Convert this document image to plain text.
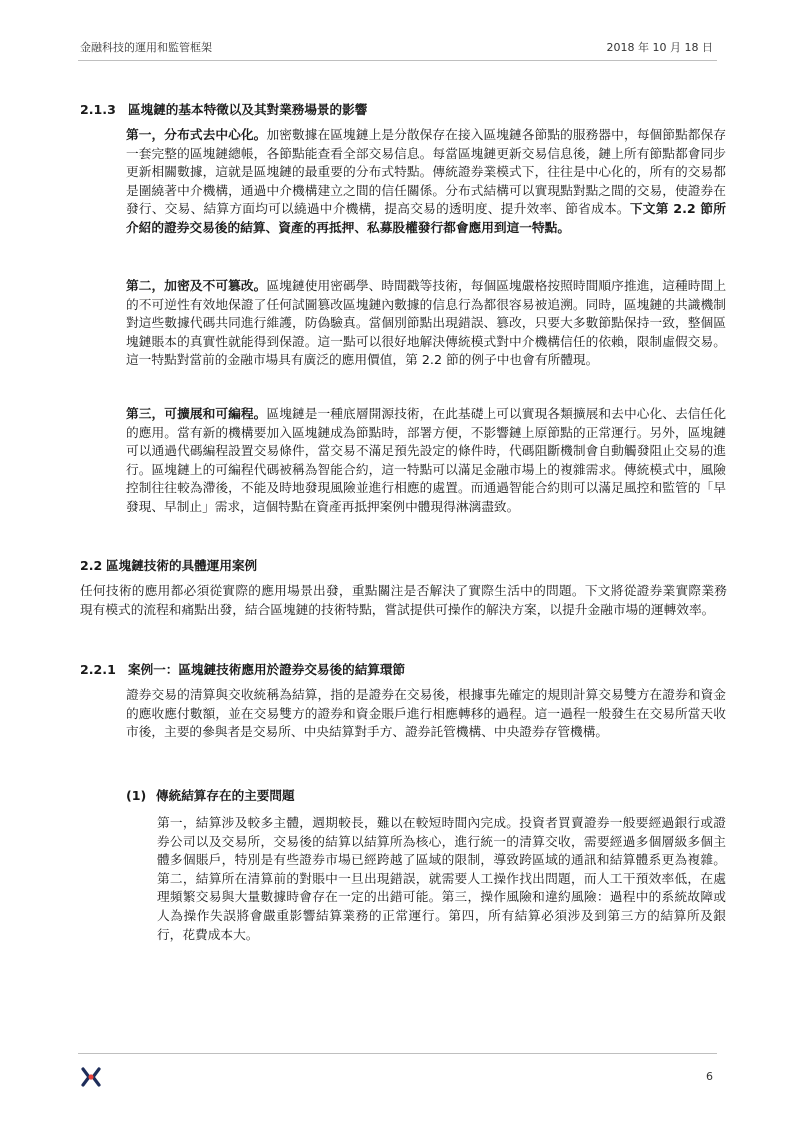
金融科技的運用和監管框架	2018 年 10 月 18 日
2.1.3 區塊鏈的基本特徵以及其對業務場景的影響

第一，分布式去中心化。加密數據在區塊鏈上是分散保存在接入區塊鏈各節點的服務器中，每個節點都保存一套完整的區塊鏈總帳，各節點能查看全部交易信息。每當區塊鏈更新交易信息後，鏈上所有節點都會同步更新相關數據，這就是區塊鏈的最重要的分布式特點。傳統證券業模式下，往往是中心化的，所有的交易都是圍繞著中介機構，通過中介機構建立之間的信任關係。分布式結構可以實現點對點之間的交易，使證券在發行、交易、結算方面均可以繞過中介機構，提高交易的透明度、提升效率、節省成本。下文第 2.2 節所介紹的證券交易後的結算、資產的再抵押、私募股權發行都會應用到這一特點。

第二，加密及不可篡改。區塊鏈使用密碼學、時間戳等技術，每個區塊嚴格按照時間順序推進，這種時間上的不可逆性有效地保證了任何試圖篡改區塊鏈內數據的信息行為都很容易被追溯。同時，區塊鏈的共識機制對這些數據代碼共同進行維護，防偽驗真。當個別節點出現錯誤、篡改，只要大多數節點保持一致，整個區塊鏈賬本的真實性就能得到保證。這一點可以很好地解決傳統模式對中介機構信任的依賴，限制虛假交易。這一特點對當前的金融市場具有廣泛的應用價值，第 2.2 節的例子中也會有所體現。

第三，可擴展和可編程。區塊鏈是一種底層開源技術，在此基礎上可以實現各類擴展和去中心化、去信任化的應用。當有新的機構要加入區塊鏈成為節點時，部署方便，不影響鏈上原節點的正常運行。另外，區塊鏈可以通過代碼編程設置交易條件，當交易不滿足預先設定的條件時，代碼阻斷機制會自動觸發阻止交易的進行。區塊鏈上的可編程代碼被稱為智能合約，這一特點可以滿足金融市場上的複雜需求。傳統模式中，風險控制往往較為滯後，不能及時地發現風險並進行相應的處置。而通過智能合約則可以滿足風控和監管的「早發現、早制止」需求，這個特點在資產再抵押案例中體現得淋漓盡致。

2.2 區塊鏈技術的具體運用案例

任何技術的應用都必須從實際的應用場景出發，重點關注是否解決了實際生活中的問題。下文將從證券業實際業務現有模式的流程和痛點出發，結合區塊鏈的技術特點，嘗試提供可操作的解決方案，以提升金融市場的運轉效率。

2.2.1 案例一：區塊鏈技術應用於證券交易後的結算環節

證券交易的清算與交收統稱為結算，指的是證券在交易後，根據事先確定的規則計算交易雙方在證券和資金的應收應付數額，並在交易雙方的證券和資金賬戶進行相應轉移的過程。這一過程一般發生在交易所當天收市後，主要的參與者是交易所、中央結算對手方、證券託管機構、中央證券存管機構。

(1) 傳統結算存在的主要問題

第一，結算涉及較多主體，週期較長，難以在較短時間內完成。投資者買賣證券一般要經過銀行或證券公司以及交易所，交易後的結算以結算所為核心，進行統一的清算交收，需要經過多個層級多個主體多個賬戶，特別是有些證券市場已經跨越了區域的限制，導致跨區域的通訊和結算體系更為複雜。第二，結算所在清算前的對賬中一旦出現錯誤，就需要人工操作找出問題，而人工干預效率低，在處理頻繁交易與大量數據時會存在一定的出錯可能。第三，操作風險和違約風險：過程中的系統故障或人為操作失誤將會嚴重影響結算業務的正常運行。第四，所有結算必須涉及到第三方的結算所及銀行，花費成本大。

6
